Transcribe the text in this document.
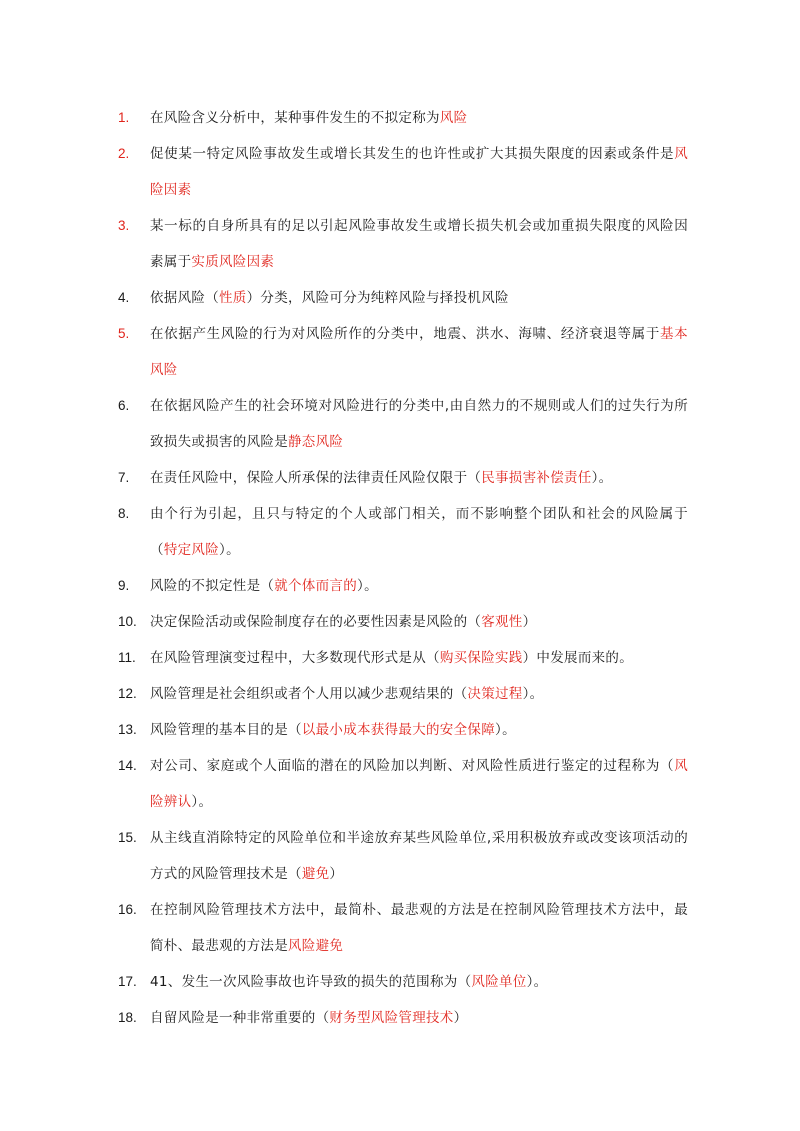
1.	在风险含义分析中，某种事件发生的不拟定称为风险
2.	促使某一特定风险事故发生或增长其发生的也许性或扩大其损失限度的因素或条件是风险因素
3.	某一标的自身所具有的足以引起风险事故发生或增长损失机会或加重损失限度的风险因素属于实质风险因素
4.	依据风险（性质）分类，风险可分为纯粹风险与择投机风险
5.	在依据产生风险的行为对风险所作的分类中，地震、洪水、海啸、经济衰退等属于基本风险
6.	在依据风险产生的社会环境对风险进行的分类中,由自然力的不规则或人们的过失行为所致损失或损害的风险是静态风险
7.	在责任风险中，保险人所承保的法律责任风险仅限于（民事损害补偿责任）。
8.	由个行为引起，且只与特定的个人或部门相关，而不影响整个团队和社会的风险属于（特定风险）。
9.	风险的不拟定性是（就个体而言的）。
10. 决定保险活动或保险制度存在的必要性因素是风险的（客观性）
11.	在风险管理演变过程中，大多数现代形式是从（购买保险实践）中发展而来的。
12. 风险管理是社会组织或者个人用以减少悲观结果的（决策过程）。
13. 风险管理的基本目的是（以最小成本获得最大的安全保障）。
14. 对公司、家庭或个人面临的潜在的风险加以判断、对风险性质进行鉴定的过程称为（风险辨认）。
15. 从主线直消除特定的风险单位和半途放弃某些风险单位,采用积极放弃或改变该项活动的方式的风险管理技术是（避免）
16. 在控制风险管理技术方法中，最简朴、最悲观的方法是在控制风险管理技术方法中，最简朴、最悲观的方法是风险避免
17. 41、发生一次风险事故也许导致的损失的范围称为（风险单位）。
18. 自留风险是一种非常重要的（财务型风险管理技术）
